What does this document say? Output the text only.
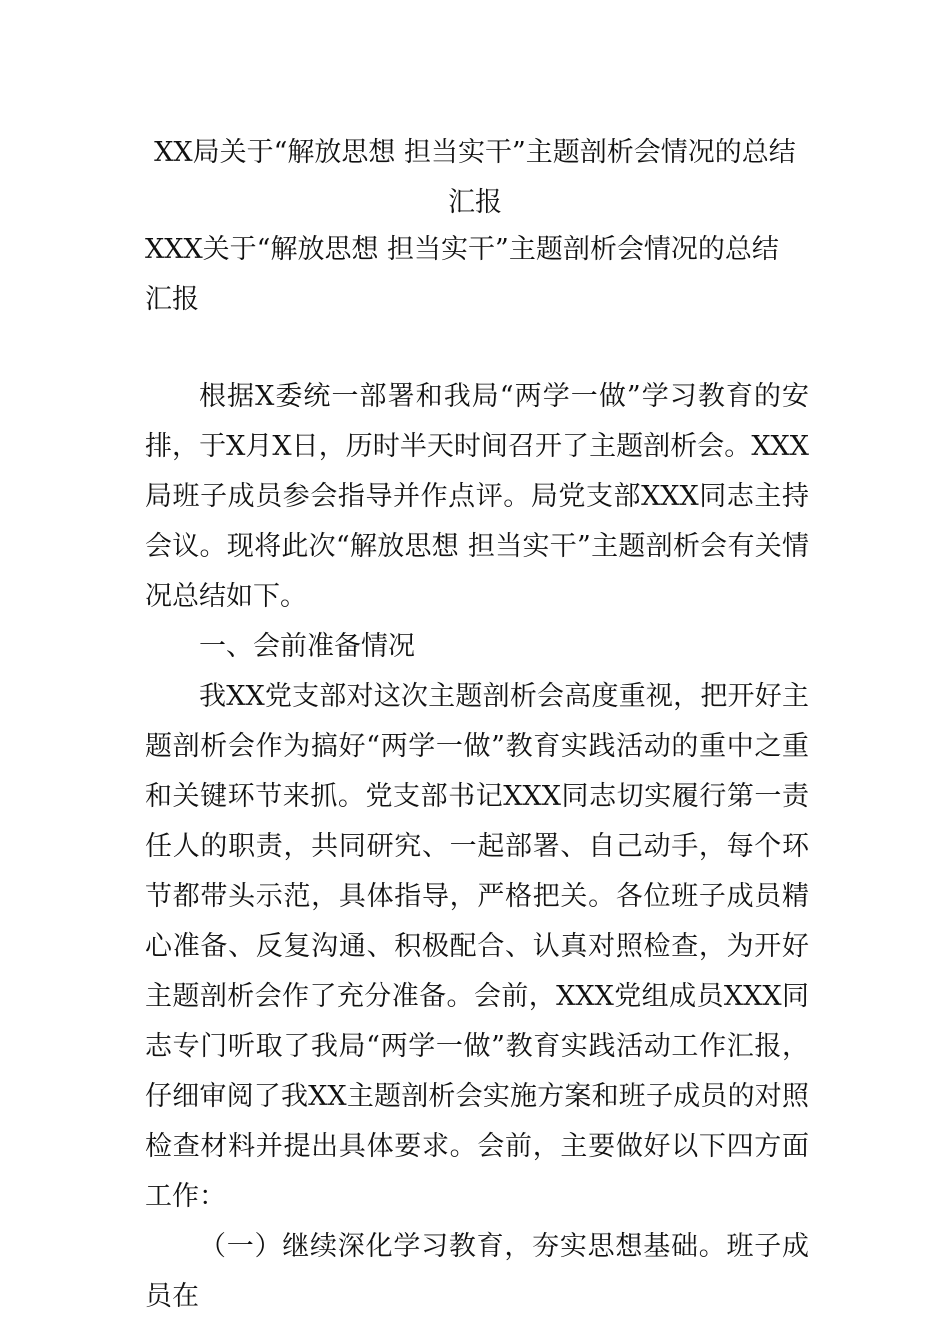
XX局关于“解放思想 担当实干”主题剖析会情况的总结汇报
XXX关于“解放思想 担当实干”主题剖析会情况的总结汇报

根据X委统一部署和我局“两学一做”学习教育的安排，于X月X日，历时半天时间召开了主题剖析会。XXX局班子成员参会指导并作点评。局党支部XXX同志主持会议。现将此次“解放思想 担当实干”主题剖析会有关情况总结如下。

一、会前准备情况

我XX党支部对这次主题剖析会高度重视，把开好主题剖析会作为搞好“两学一做”教育实践活动的重中之重和关键环节来抓。党支部书记XXX同志切实履行第一责任人的职责，共同研究、一起部署、自己动手，每个环节都带头示范，具体指导，严格把关。各位班子成员精心准备、反复沟通、积极配合、认真对照检查，为开好主题剖析会作了充分准备。会前，XXX党组成员XXX同志专门听取了我局“两学一做”教育实践活动工作汇报，仔细审阅了我XX主题剖析会实施方案和班子成员的对照检查材料并提出具体要求。会前，主要做好以下四方面工作：

（一）继续深化学习教育，夯实思想基础。班子成员在
